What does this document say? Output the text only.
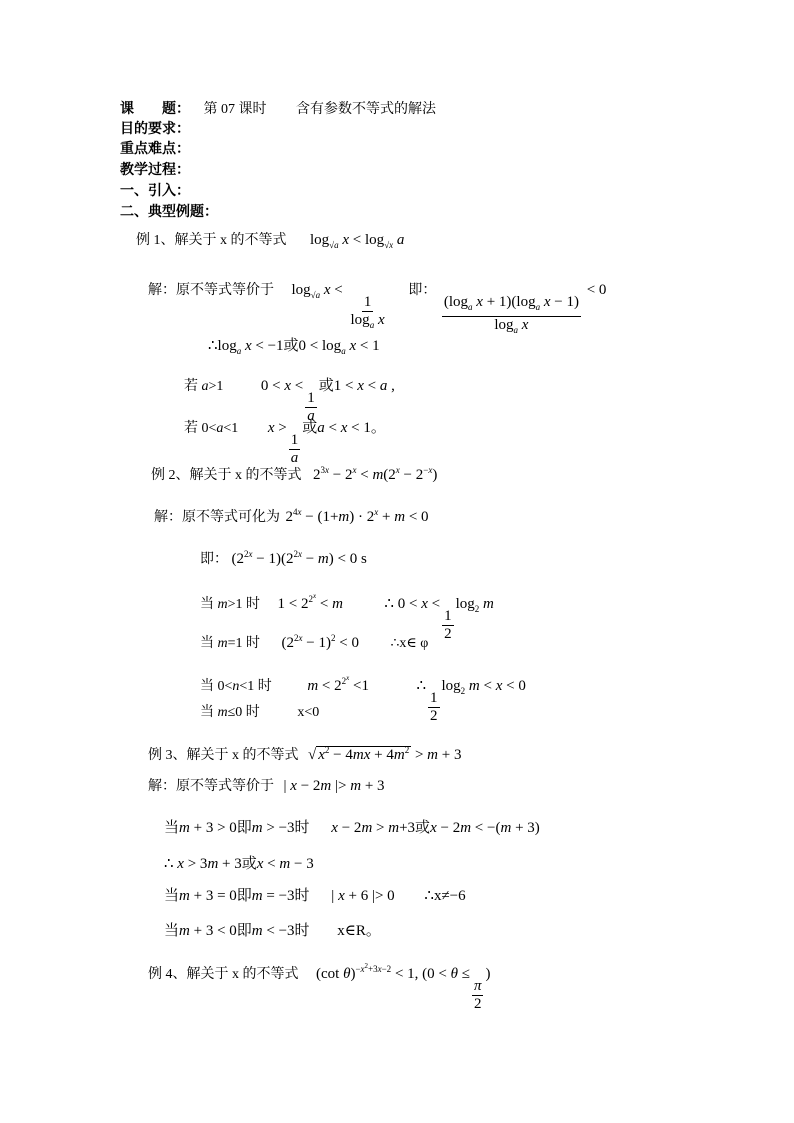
课　　题： 第 07 课时 含有参数不等式的解法
目的要求：
重点难点：
教学过程：
一、引入：
二、典型例题：
例 1、解关于 x 的不等式 $\log_{√a} x < \log_{√x} a$
解：原不等式等价于 $\log_{√a} x$ <
$\frac{1}{\log_a x}$
即：
$\frac{(\log_a x + 1)(\log_a x - 1)}{\log_a x}$
< 0
$\therefore\log_a$ x < −1或$0 < \log_a x < 1$
若 a>1	0 < x <
$\frac{1}{a}$
或1 < x < a ,
若 0<a<1 x >
$\frac{1}{a}$
或a < x < 1。
例 2、解关于 x 的不等式 $2^{3x} - 2^x < m(2^x - 2^{-x})$
解：原不等式可化为 $2^{4x} - (1+m) \cdot 2^x + m < 0$
即： $(2^{2x} - 1)(2^{2x} - m) < 0$ s
当 m>1 时 $1 < 2^{2^x} < m$	∴ 0 < x <
$\frac{1}{2}$
$\log_2 m$
当 m=1 时 $(2^{2x} - 1)^2 < 0$ ∴x∈ φ
当 0<n<1 时 $m < 2^{2^x} <1$	∴
$\frac{1}{2}$
$\log_2 m < x < 0$
当 m≤0 时	x<0
例 3、解关于 x 的不等式 √ $x^2 - 4mx + 4m^2 > m + 3$
解：原不等式等价于 | x − 2m |> m + 3
当m + 3 > 0即m > −3时 x − 2m > m+3或x − 2m < −(m + 3)
∴ x > 3m + 3或x < m − 3
当m + 3 = 0即m = −3时 | x + 6 |> 0 ∴x≠−6
当m + 3 < 0即m < −3时 x∈R。
例 4、解关于 x 的不等式 (cot θ)$^{-x^2+3x-2}$ < 1, (0 < θ ≤
$\frac{\pi}{2}$
)
